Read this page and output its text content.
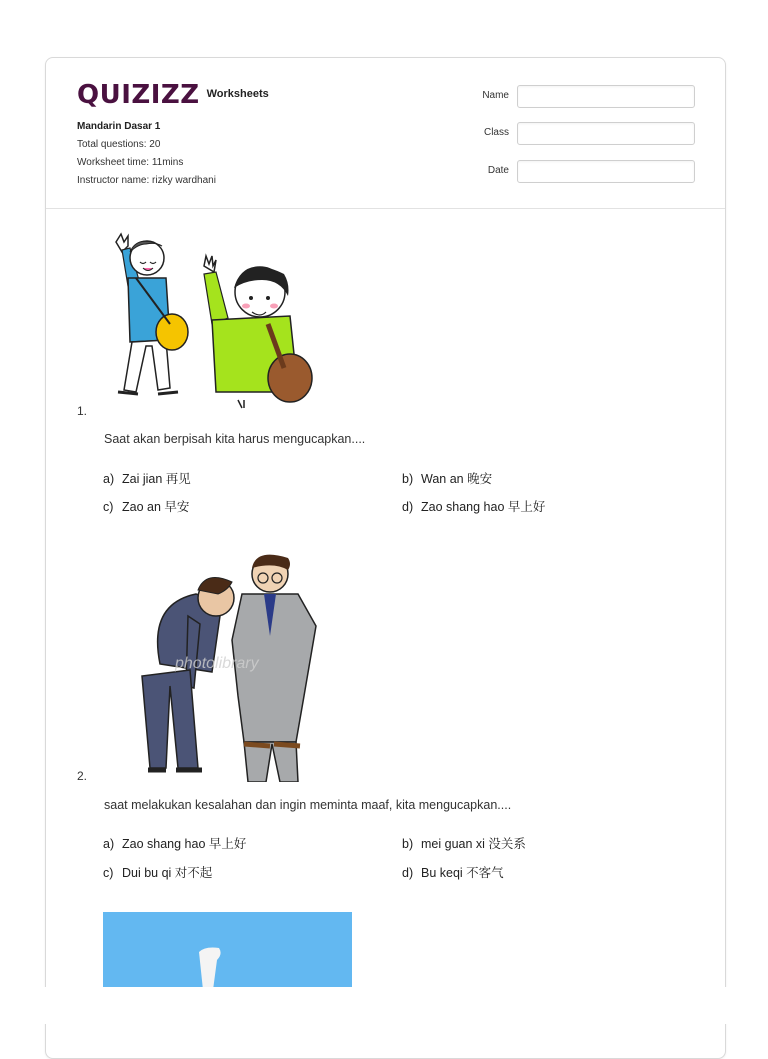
QUIZIZZ Worksheets
Mandarin Dasar 1
Total questions: 20
Worksheet time: 11mins
Instructor name: rizky wardhani
Name
Class
Date
1.
Saat akan berpisah kita harus mengucapkan....
a) Zai jian 再见	b) Wan an 晚安
c) Zao an 早安	d) Zao shang hao 早上好
photolibrary
2.
saat melakukan kesalahan dan ingin meminta maaf, kita mengucapkan....
a) Zao shang hao 早上好	b) mei guan xi 没关系
c) Dui bu qi 对不起	d) Bu keqi 不客气
